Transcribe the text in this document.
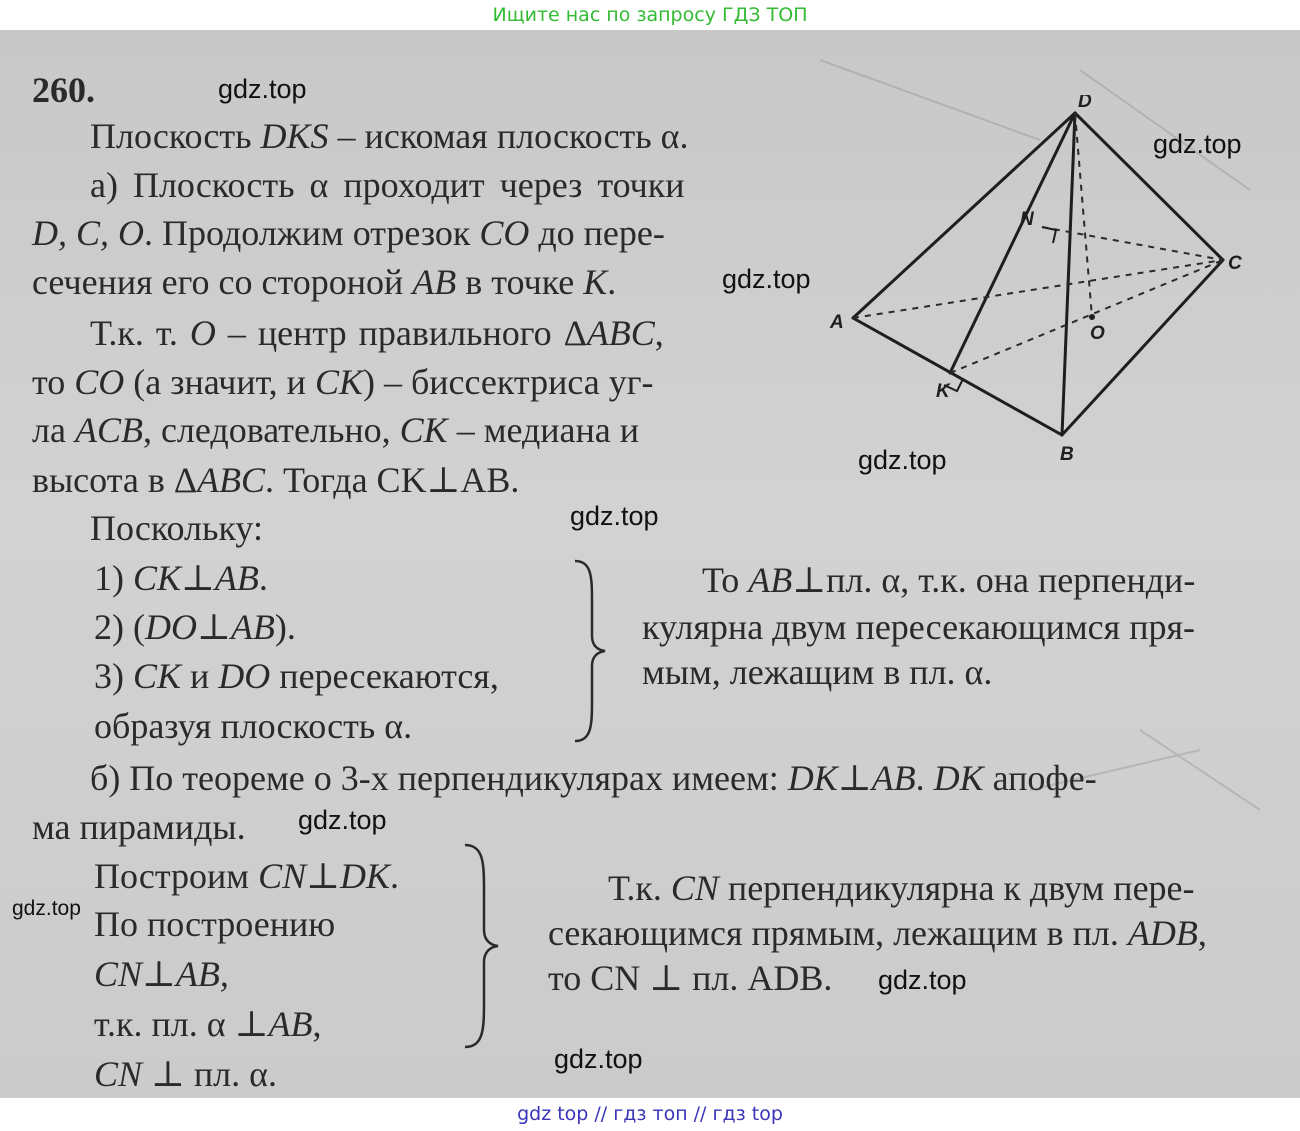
Ищите нас по запросу ГДЗ ТОП
260.
Плоскость DKS – искомая плоскость α.
а) Плоскость α проходит через точки
D, C, O. Продолжим отрезок CO до пере-
сечения его со стороной AB в точке K.
Т.к. т. O – центр правильного ΔABC,
то CO (а значит, и CK) – биссектриса уг-
ла ACB, следовательно, CK – медиана и
высота в ΔABC. Тогда CK⊥AB.
Поскольку:
1) CK⊥AB.
2) (DO⊥AB).
3) CK и DO пересекаются,
образуя плоскость α.
То AB⊥пл. α, т.к. она перпенди-
кулярна двум пересекающимся пря-
мым, лежащим в пл. α.
б) По теореме о 3-х перпендикулярах имеем: DK⊥AB. DK апофе-
ма пирамиды.
Построим CN⊥DK.
По построению
CN⊥AB,
т.к. пл. α ⊥AB,
CN ⊥ пл. α.
Т.к. CN перпендикулярна к двум пере-
секающимся прямым, лежащим в пл. ADB,
то CN ⊥ пл. ADB.
D
C
A
B
K
N
O
gdz.top
gdz.top
gdz.top
gdz.top
gdz.top
gdz.top
gdz.top
gdz.top
gdz.top
gdz top // гдз топ // гдз top
